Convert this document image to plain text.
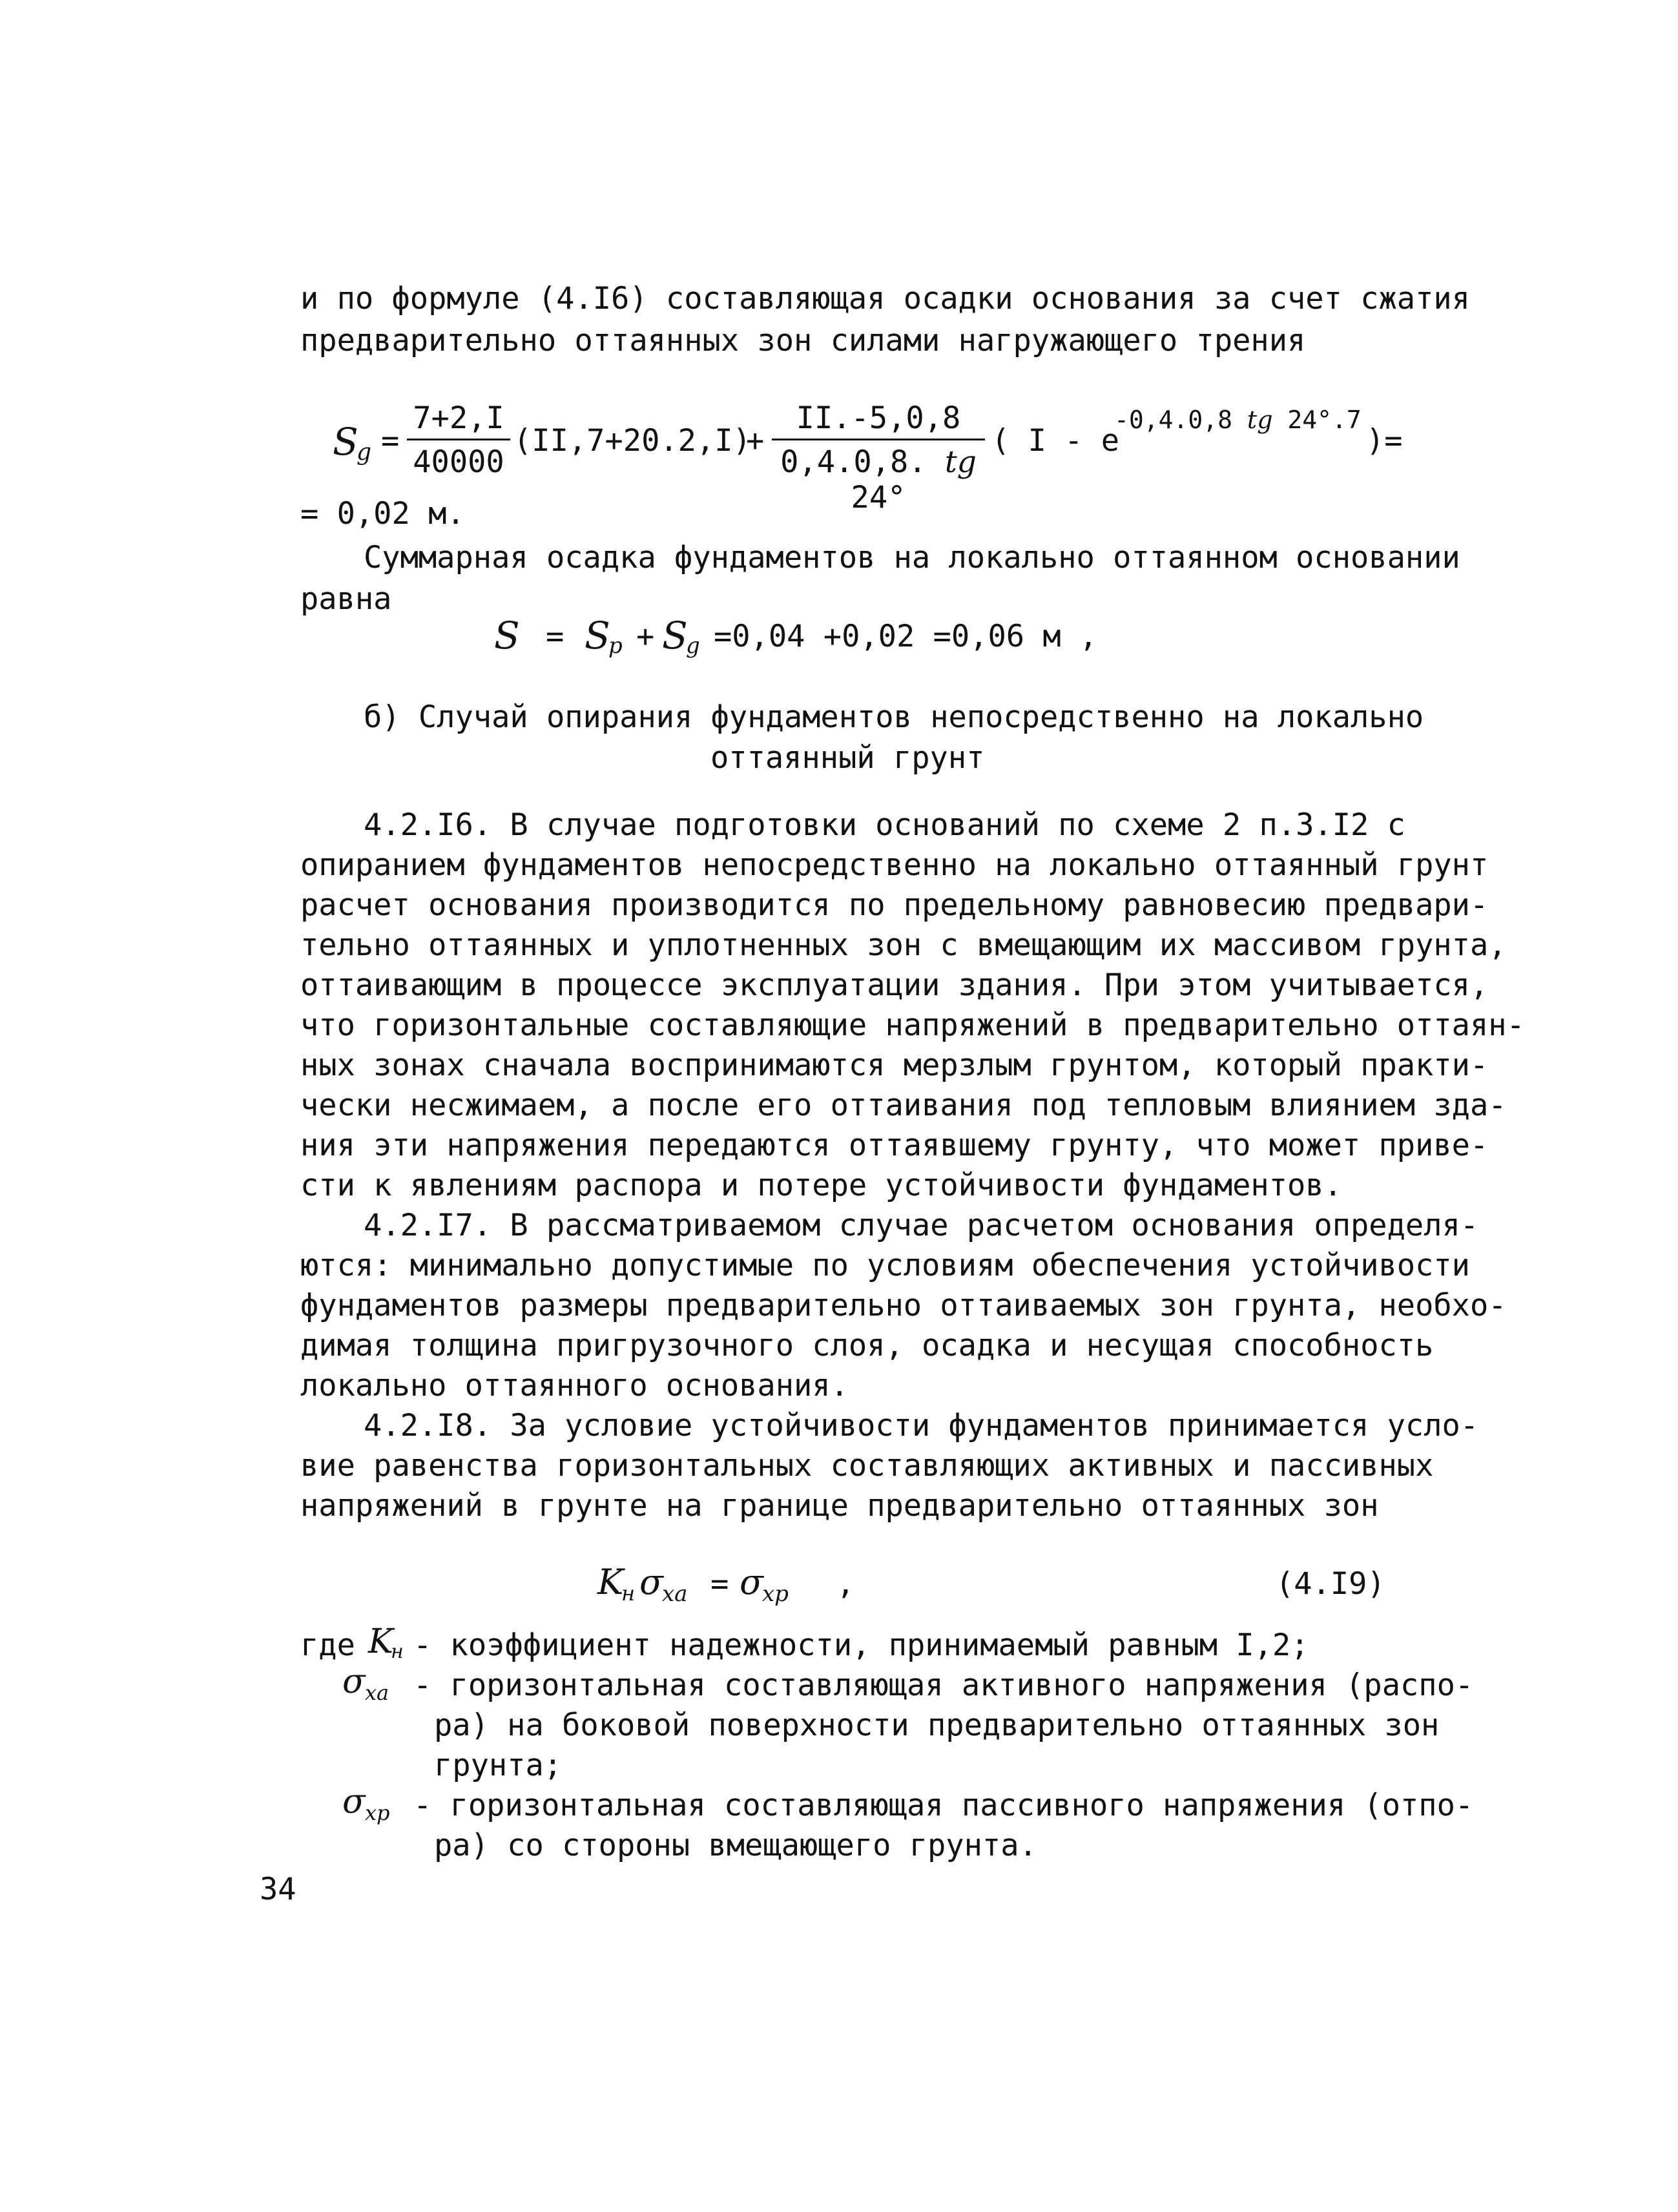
и по формуле (4.I6) составляющая осадки основания за счет сжатия
предварительно оттаянных зон силами нагружающего трения
S
$g = \frac{7+2,I}{40000} (II,7+20.2,I)$
+ $\frac{II.-5,0,8}{0,4.0,8. tg 24^\circ}$ ( I - e
-0,4.0,8 tg 24°.7
)=
= 0,02 м.
Суммарная осадка фундаментов на локально оттаянном основании
равна
S = S
p + S
g =0,04 +0,02 =0,06 м ,
б) Случай опирания фундаментов непосредственно на локально
оттаянный грунт
4.2.I6. В случае подготовки оснований по схеме 2 п.3.I2 с
опиранием фундаментов непосредственно на локально оттаянный грунт
расчет основания производится по предельному равновесию предвари-
тельно оттаянных и уплотненных зон с вмещающим их массивом грунта,
оттаивающим в процессе эксплуатации здания. При этом учитывается,
что горизонтальные составляющие напряжений в предварительно оттаян-
ных зонах сначала воспринимаются мерзлым грунтом, который практи-
чески несжимаем, а после его оттаивания под тепловым влиянием зда-
ния эти напряжения передаются оттаявшему грунту, что может приве-
сти к явлениям распора и потере устойчивости фундаментов.
4.2.I7. В рассматриваемом случае расчетом основания определя-
ются: минимально допустимые по условиям обеспечения устойчивости
фундаментов размеры предварительно оттаиваемых зон грунта, необхо-
димая толщина пригрузочного слоя, осадка и несущая способность
локально оттаянного основания.
4.2.I8. За условие устойчивости фундаментов принимается усло-
вие равенства горизонтальных составляющих активных и пассивных
напряжений в грунте на границе предварительно оттаянных зон
K
н σ
xa = σ
xp ,	(4.I9)
где K
н - коэффициент надежности, принимаемый равным I,2;
σ xa - горизонтальная составляющая активного напряжения (распо-
ра) на боковой поверхности предварительно оттаянных зон
грунта;
σ xp - горизонтальная составляющая пассивного напряжения (отпо-
ра) со стороны вмещающего грунта.
34
